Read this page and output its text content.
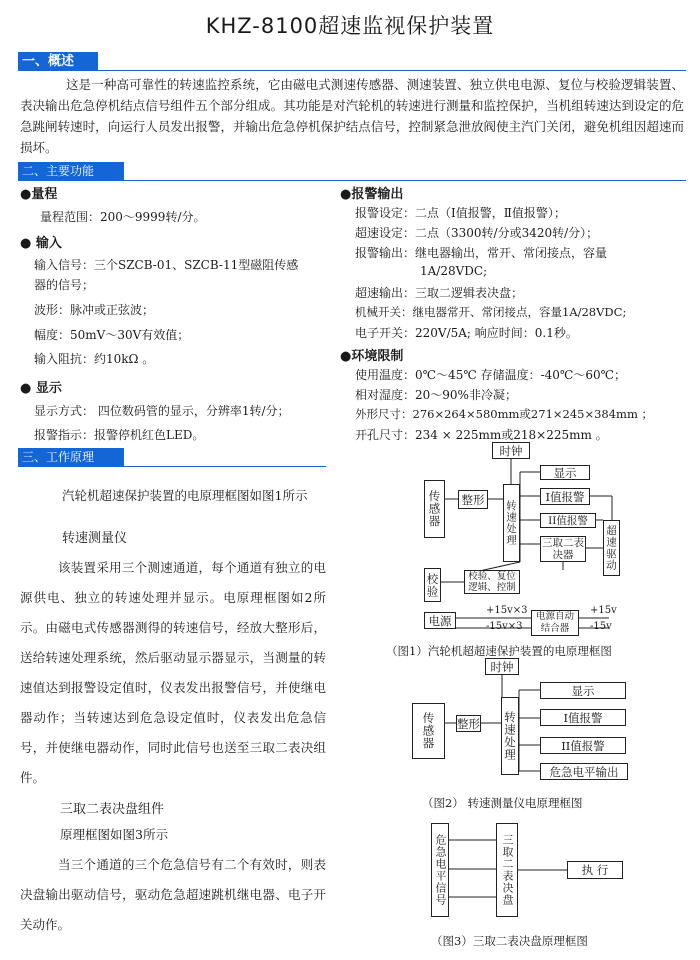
KHZ-8100超速监视保护装置
一、概述
这是一种高可靠性的转速监控系统，它由磁电式测速传感器、测速装置、独立供电电源、复位与校验逻辑装置、表决输出危急停机结点信号组件五个部分组成。其功能是对汽轮机的转速进行测量和监控保护，当机组转速达到设定的危急跳闸转速时，向运行人员发出报警，并输出危急停机保护结点信号，控制紧急泄放阀使主汽门关闭，避免机组因超速而损坏。
二、主要功能
●量程
量程范围：200～9999转/分。
● 输入
输入信号：三个SZCB-01、SZCB-11型磁阻传感
器的信号；
波形：脉冲或正弦波；
幅度：50mV～30V有效值；
输入阻抗：约10kΩ 。
● 显示
显示方式： 四位数码管的显示，分辨率1转/分；
报警指示：报警停机红色LED。
●报警输出
报警设定：二点（Ⅰ值报警，Ⅱ值报警）；
超速设定：二点（3300转/分或3420转/分）；
报警输出：继电器输出，常开、常闭接点，容量
1A/28VDC;
超速输出：三取二逻辑表决盘；
机械开关：继电器常开、常闭接点，容量1A/28VDC;
电子开关：220V/5A; 响应时间：0.1秒。
●环境限制
使用温度：0℃～45℃ 存储温度：-40℃～60℃；
相对湿度：20～90%非冷凝；
外形尺寸：276×264×580mm或271×245×384mm ；
开孔尺寸：234 × 225mm或218×225mm 。
三、工作原理
汽轮机超速保护装置的电原理框图如图1所示
转速测量仪
该装置采用三个测速通道，每个通道有独立的电源供电、独立的转速处理并显示。电原理框图如2所示。由磁电式传感器测得的转速信号，经放大整形后，送给转速处理系统，然后驱动显示器显示，当测量的转速值达到报警设定值时，仪表发出报警信号，并使继电器动作；当转速达到危急设定值时，仪表发出危急信号，并使继电器动作，同时此信号也送至三取二表决组件。
三取二表决盘组件
原理框图如图3所示
当三个通道的三个危急信号有二个有效时，则表决盘输出驱动信号，驱动危急超速跳机继电器、电子开关动作。
时钟
显示
传感器	整形
转速处理
I值报警
II值报警
三取二表决器	超速驱动
校验	校验、复位逻辑、控制
电源
+15v×3
-15v×3
电源自动结合器
+15v
-15v
（图1）汽轮机超超速保护装置的电原理框图
时钟
传感器	整形 转速处理
显示
I值报警
II值报警
危急电平输出
（图2） 转速测量仪电原理框图
危急电平信号	三取二表决盘	执 行
（图3）三取二表决盘原理框图
